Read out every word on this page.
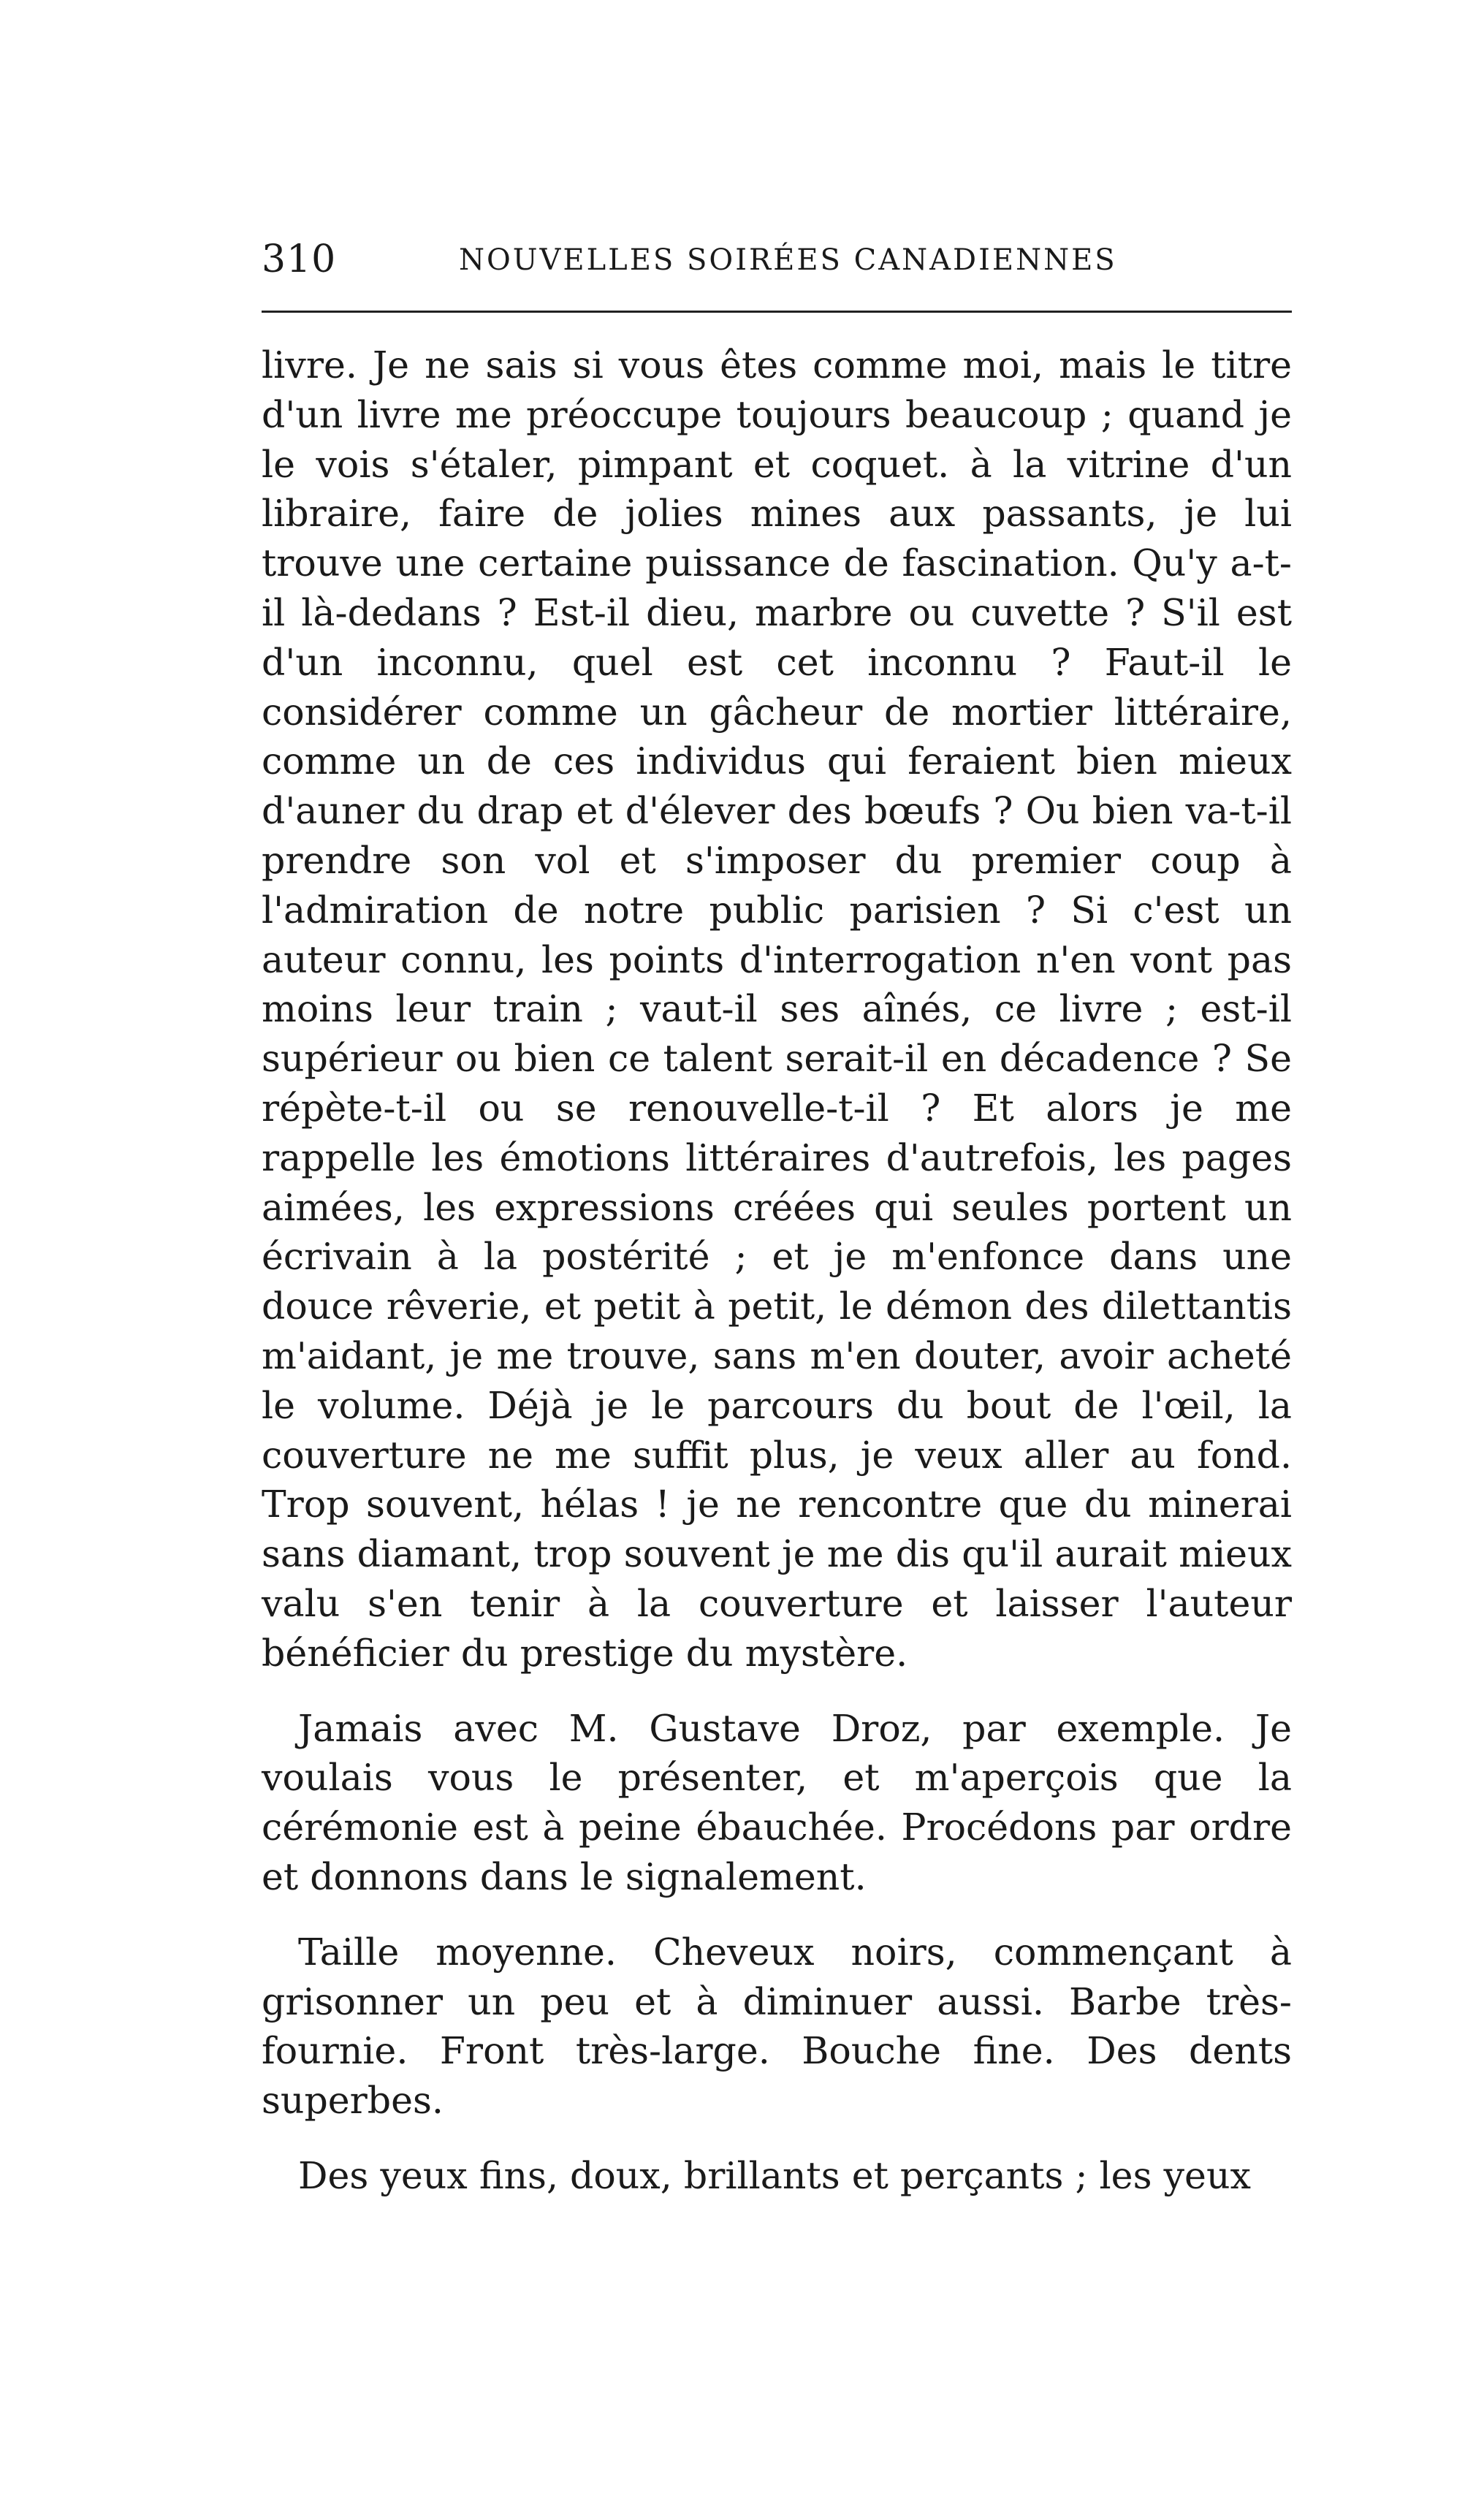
310	NOUVELLES SOIRÉES CANADIENNES

livre. Je ne sais si vous êtes comme moi, mais le titre d'un livre me préoccupe toujours beaucoup ; quand je le vois s'étaler, pimpant et coquet. à la vitrine d'un libraire, faire de jolies mines aux passants, je lui trouve une certaine puissance de fascination. Qu'y a-t-il là-dedans ? Est-il dieu, marbre ou cuvette ? S'il est d'un inconnu, quel est cet inconnu ? Faut-il le considérer comme un gâcheur de mortier littéraire, comme un de ces individus qui feraient bien mieux d'auner du drap et d'élever des bœufs ? Ou bien va-t-il prendre son vol et s'imposer du premier coup à l'admiration de notre public parisien ? Si c'est un auteur connu, les points d'interrogation n'en vont pas moins leur train ; vaut-il ses aînés, ce livre ; est-il supérieur ou bien ce talent serait-il en décadence ? Se répète-t-il ou se renouvelle-t-il ? Et alors je me rappelle les émotions littéraires d'autrefois, les pages aimées, les expressions créées qui seules portent un écrivain à la postérité ; et je m'enfonce dans une douce rêverie, et petit à petit, le démon des dilettantis m'aidant, je me trouve, sans m'en douter, avoir acheté le volume. Déjà je le parcours du bout de l'œil, la couverture ne me suffit plus, je veux aller au fond. Trop souvent, hélas ! je ne rencontre que du minerai sans diamant, trop souvent je me dis qu'il aurait mieux valu s'en tenir à la couverture et laisser l'auteur bénéficier du prestige du mystère.

Jamais avec M. Gustave Droz, par exemple. Je voulais vous le présenter, et m'aperçois que la cérémonie est à peine ébauchée. Procédons par ordre et donnons dans le signalement.

Taille moyenne. Cheveux noirs, commençant à grisonner un peu et à diminuer aussi. Barbe très-fournie. Front très-large. Bouche fine. Des dents superbes.

Des yeux fins, doux, brillants et perçants ; les yeux
